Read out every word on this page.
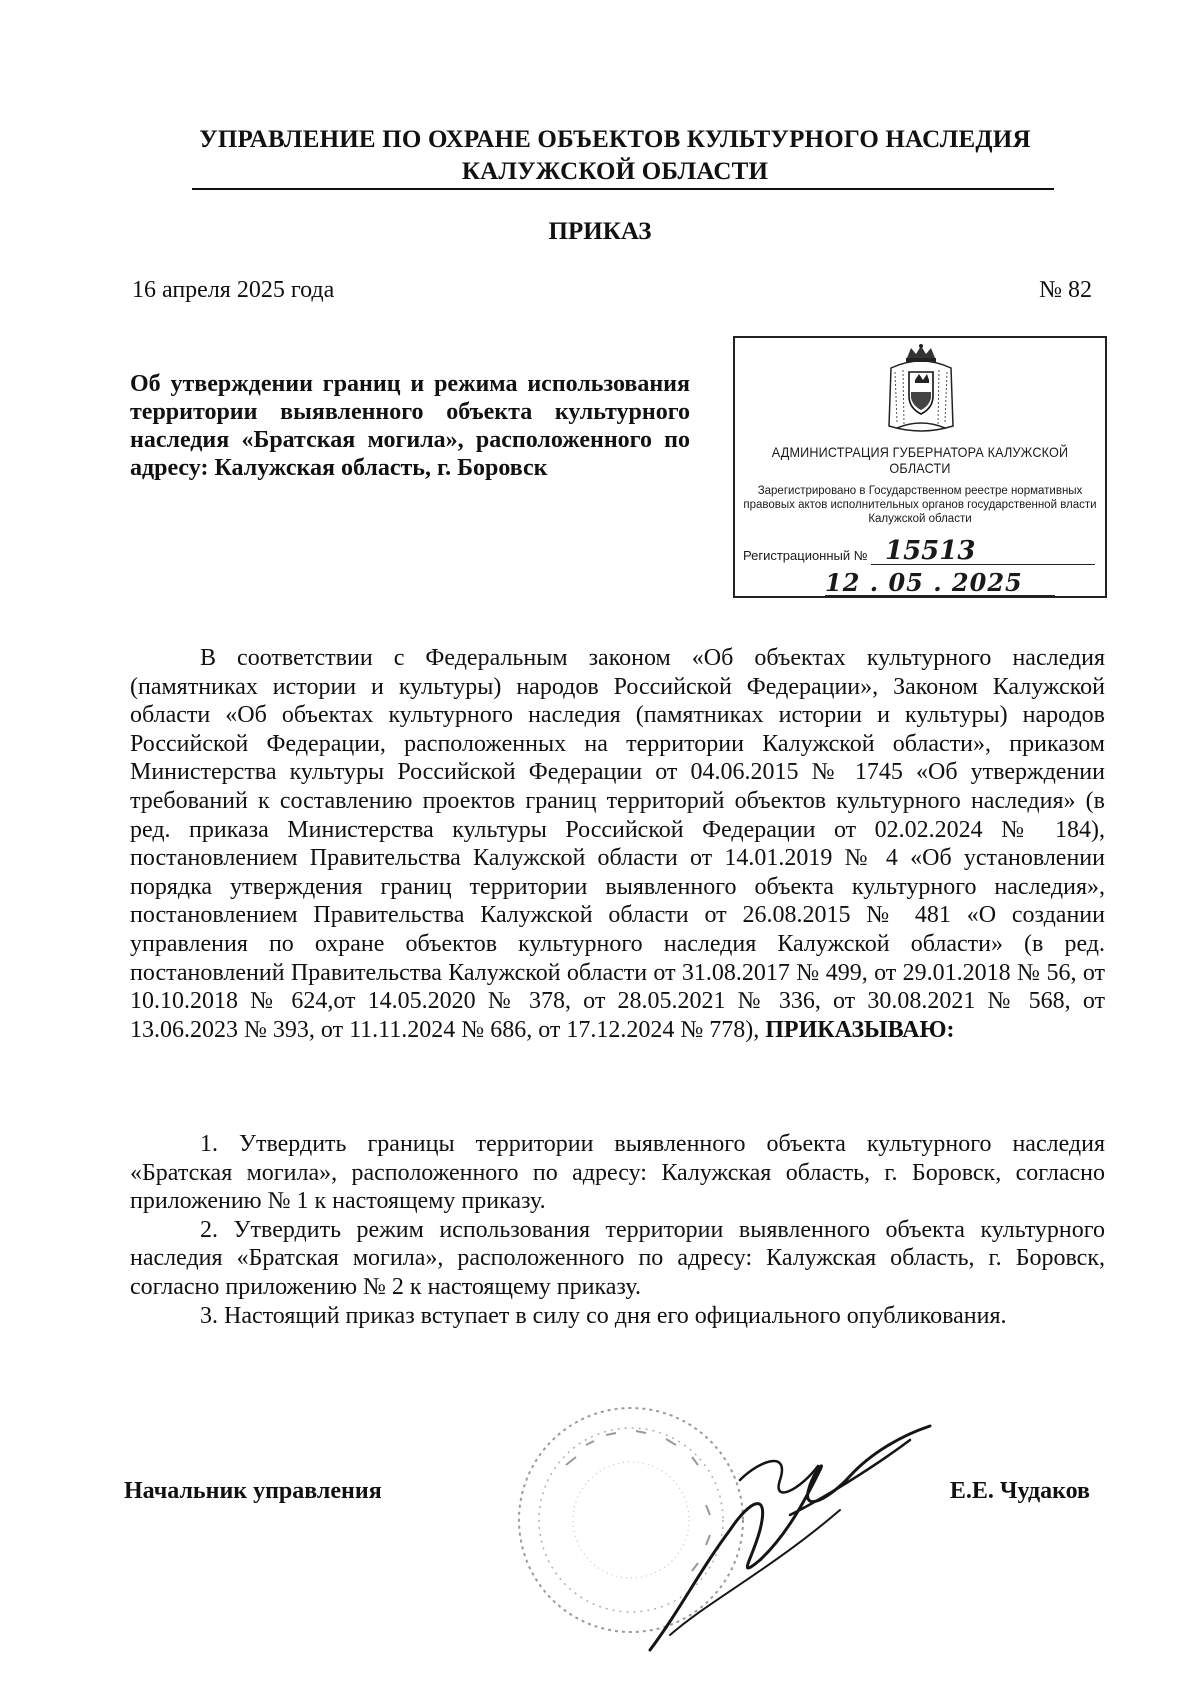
УПРАВЛЕНИЕ ПО ОХРАНЕ ОБЪЕКТОВ КУЛЬТУРНОГО НАСЛЕДИЯ
КАЛУЖСКОЙ ОБЛАСТИ
ПРИКАЗ
16 апреля 2025 года	№ 82
Об утверждении границ и режима использования территории выявленного объекта культурного наследия «Братская могила», расположенного по адресу: Калужская область, г. Боровск
АДМИНИСТРАЦИЯ ГУБЕРНАТОРА КАЛУЖСКОЙ ОБЛАСТИ
Зарегистрировано в Государственном реестре нормативных правовых актов исполнительных органов государственной власти Калужской области
Регистрационный № 15513
12 . 05 . 2025

В соответствии с Федеральным законом «Об объектах культурного наследия (памятниках истории и культуры) народов Российской Федерации», Законом Калужской области «Об объектах культурного наследия (памятниках истории и культуры) народов Российской Федерации, расположенных на территории Калужской области», приказом Министерства культуры Российской Федерации от 04.06.2015 № 1745 «Об утверждении требований к составлению проектов границ территорий объектов культурного наследия» (в ред. приказа Министерства культуры Российской Федерации от 02.02.2024 № 184), постановлением Правительства Калужской области от 14.01.2019 № 4 «Об установлении порядка утверждения границ территории выявленного объекта культурного наследия», постановлением Правительства Калужской области от 26.08.2015 № 481 «О создании управления по охране объектов культурного наследия Калужской области» (в ред. постановлений Правительства Калужской области от 31.08.2017 № 499, от 29.01.2018 № 56, от 10.10.2018 № 624,от 14.05.2020 № 378, от 28.05.2021 № 336, от 30.08.2021 № 568, от 13.06.2023 № 393, от 11.11.2024 № 686, от 17.12.2024 № 778), ПРИКАЗЫВАЮ:

1. Утвердить границы территории выявленного объекта культурного наследия «Братская могила», расположенного по адресу: Калужская область, г. Боровск, согласно приложению № 1 к настоящему приказу.

2. Утвердить режим использования территории выявленного объекта культурного наследия «Братская могила», расположенного по адресу: Калужская область, г. Боровск, согласно приложению № 2 к настоящему приказу.

3. Настоящий приказ вступает в силу со дня его официального опубликования.

Начальник управления	Е.Е. Чудаков
